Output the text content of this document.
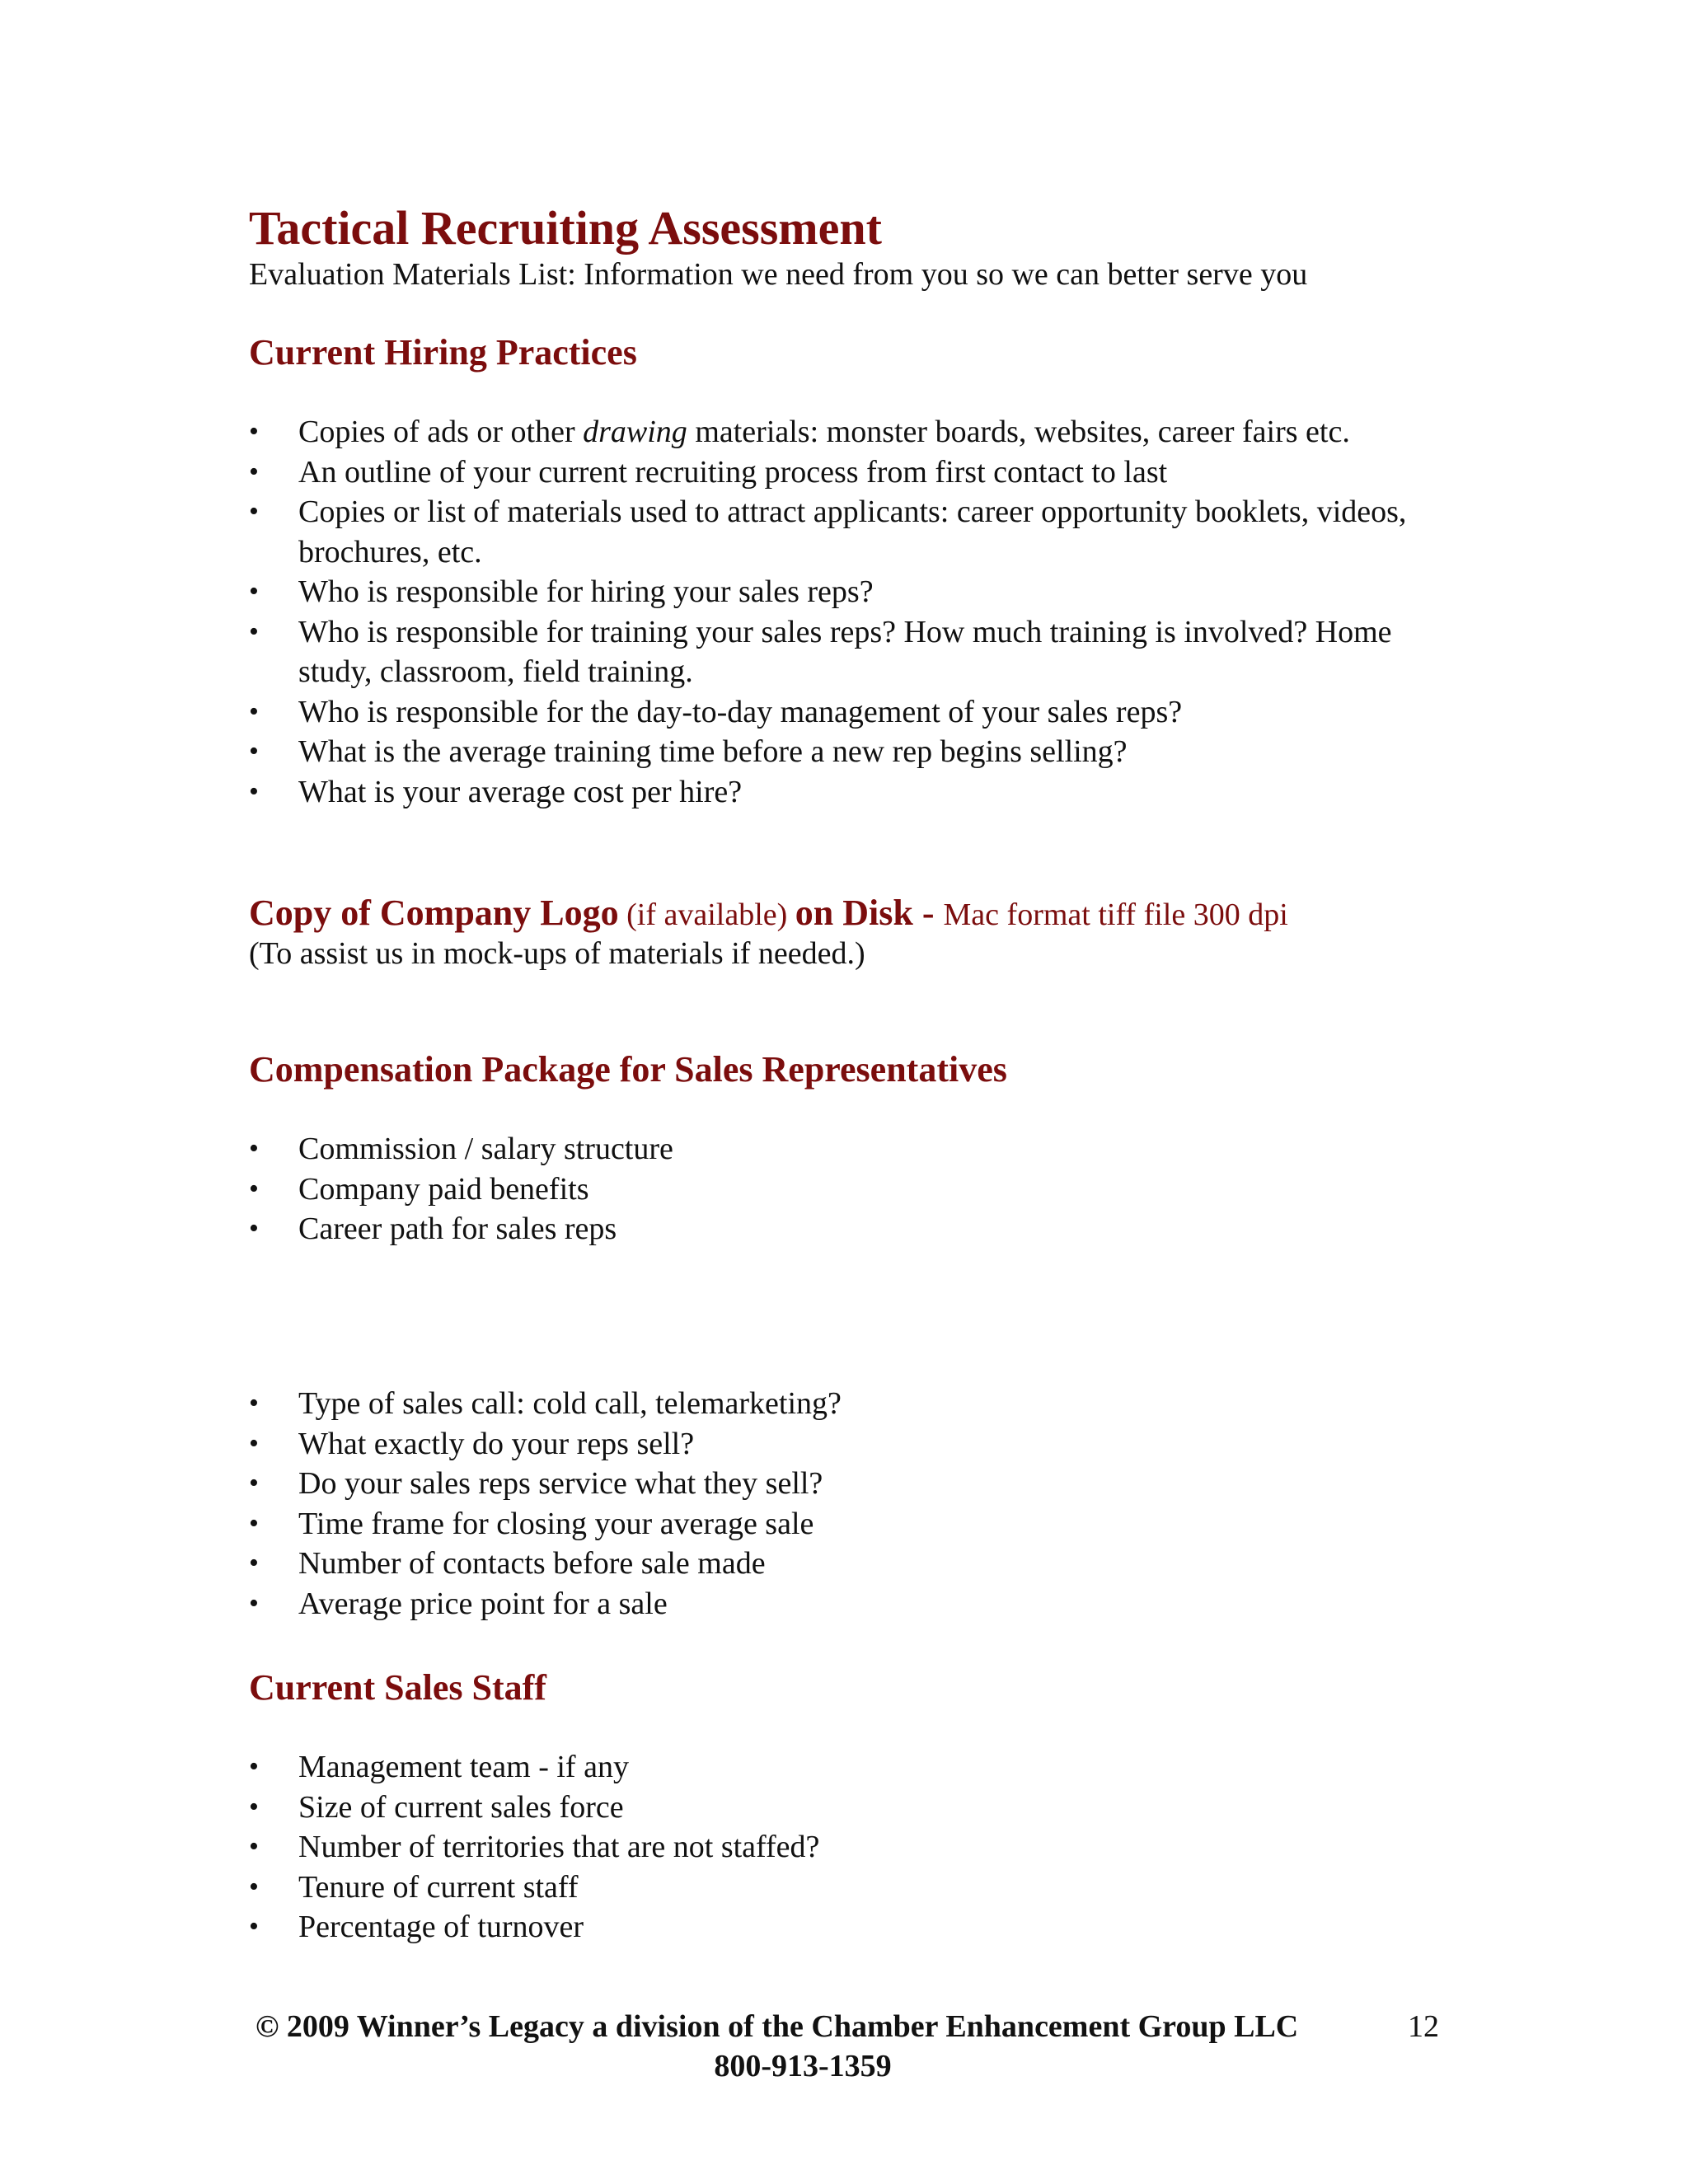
Tactical Recruiting Assessment

Evaluation Materials List: Information we need from you so we can better serve you

Current Hiring Practices
•	Copies of ads or other drawing materials: monster boards, websites, career fairs etc.
•	An outline of your current recruiting process from first contact to last
•	Copies or list of materials used to attract applicants: career opportunity booklets, videos, brochures, etc.
•	Who is responsible for hiring your sales reps?
•	Who is responsible for training your sales reps? How much training is involved? Home study, classroom, field training.
•	Who is responsible for the day-to-day management of your sales reps?
•	What is the average training time before a new rep begins selling?
•	What is your average cost per hire?

Copy of Company Logo (if available) on Disk - Mac format tiff file 300 dpi

(To assist us in mock-ups of materials if needed.)

Compensation Package for Sales Representatives
•	Commission / salary structure
•	Company paid benefits
•	Career path for sales reps
•	Type of sales call: cold call, telemarketing?
•	What exactly do your reps sell?
•	Do your sales reps service what they sell?
•	Time frame for closing your average sale
•	Number of contacts before sale made
•	Average price point for a sale
Current Sales Staff
•	Management team - if any
•	Size of current sales force
•	Number of territories that are not staffed?
•	Tenure of current staff
•	Percentage of turnover

© 2009 Winner’s Legacy a division of the Chamber Enhancement Group LLC	12

800-913-1359
